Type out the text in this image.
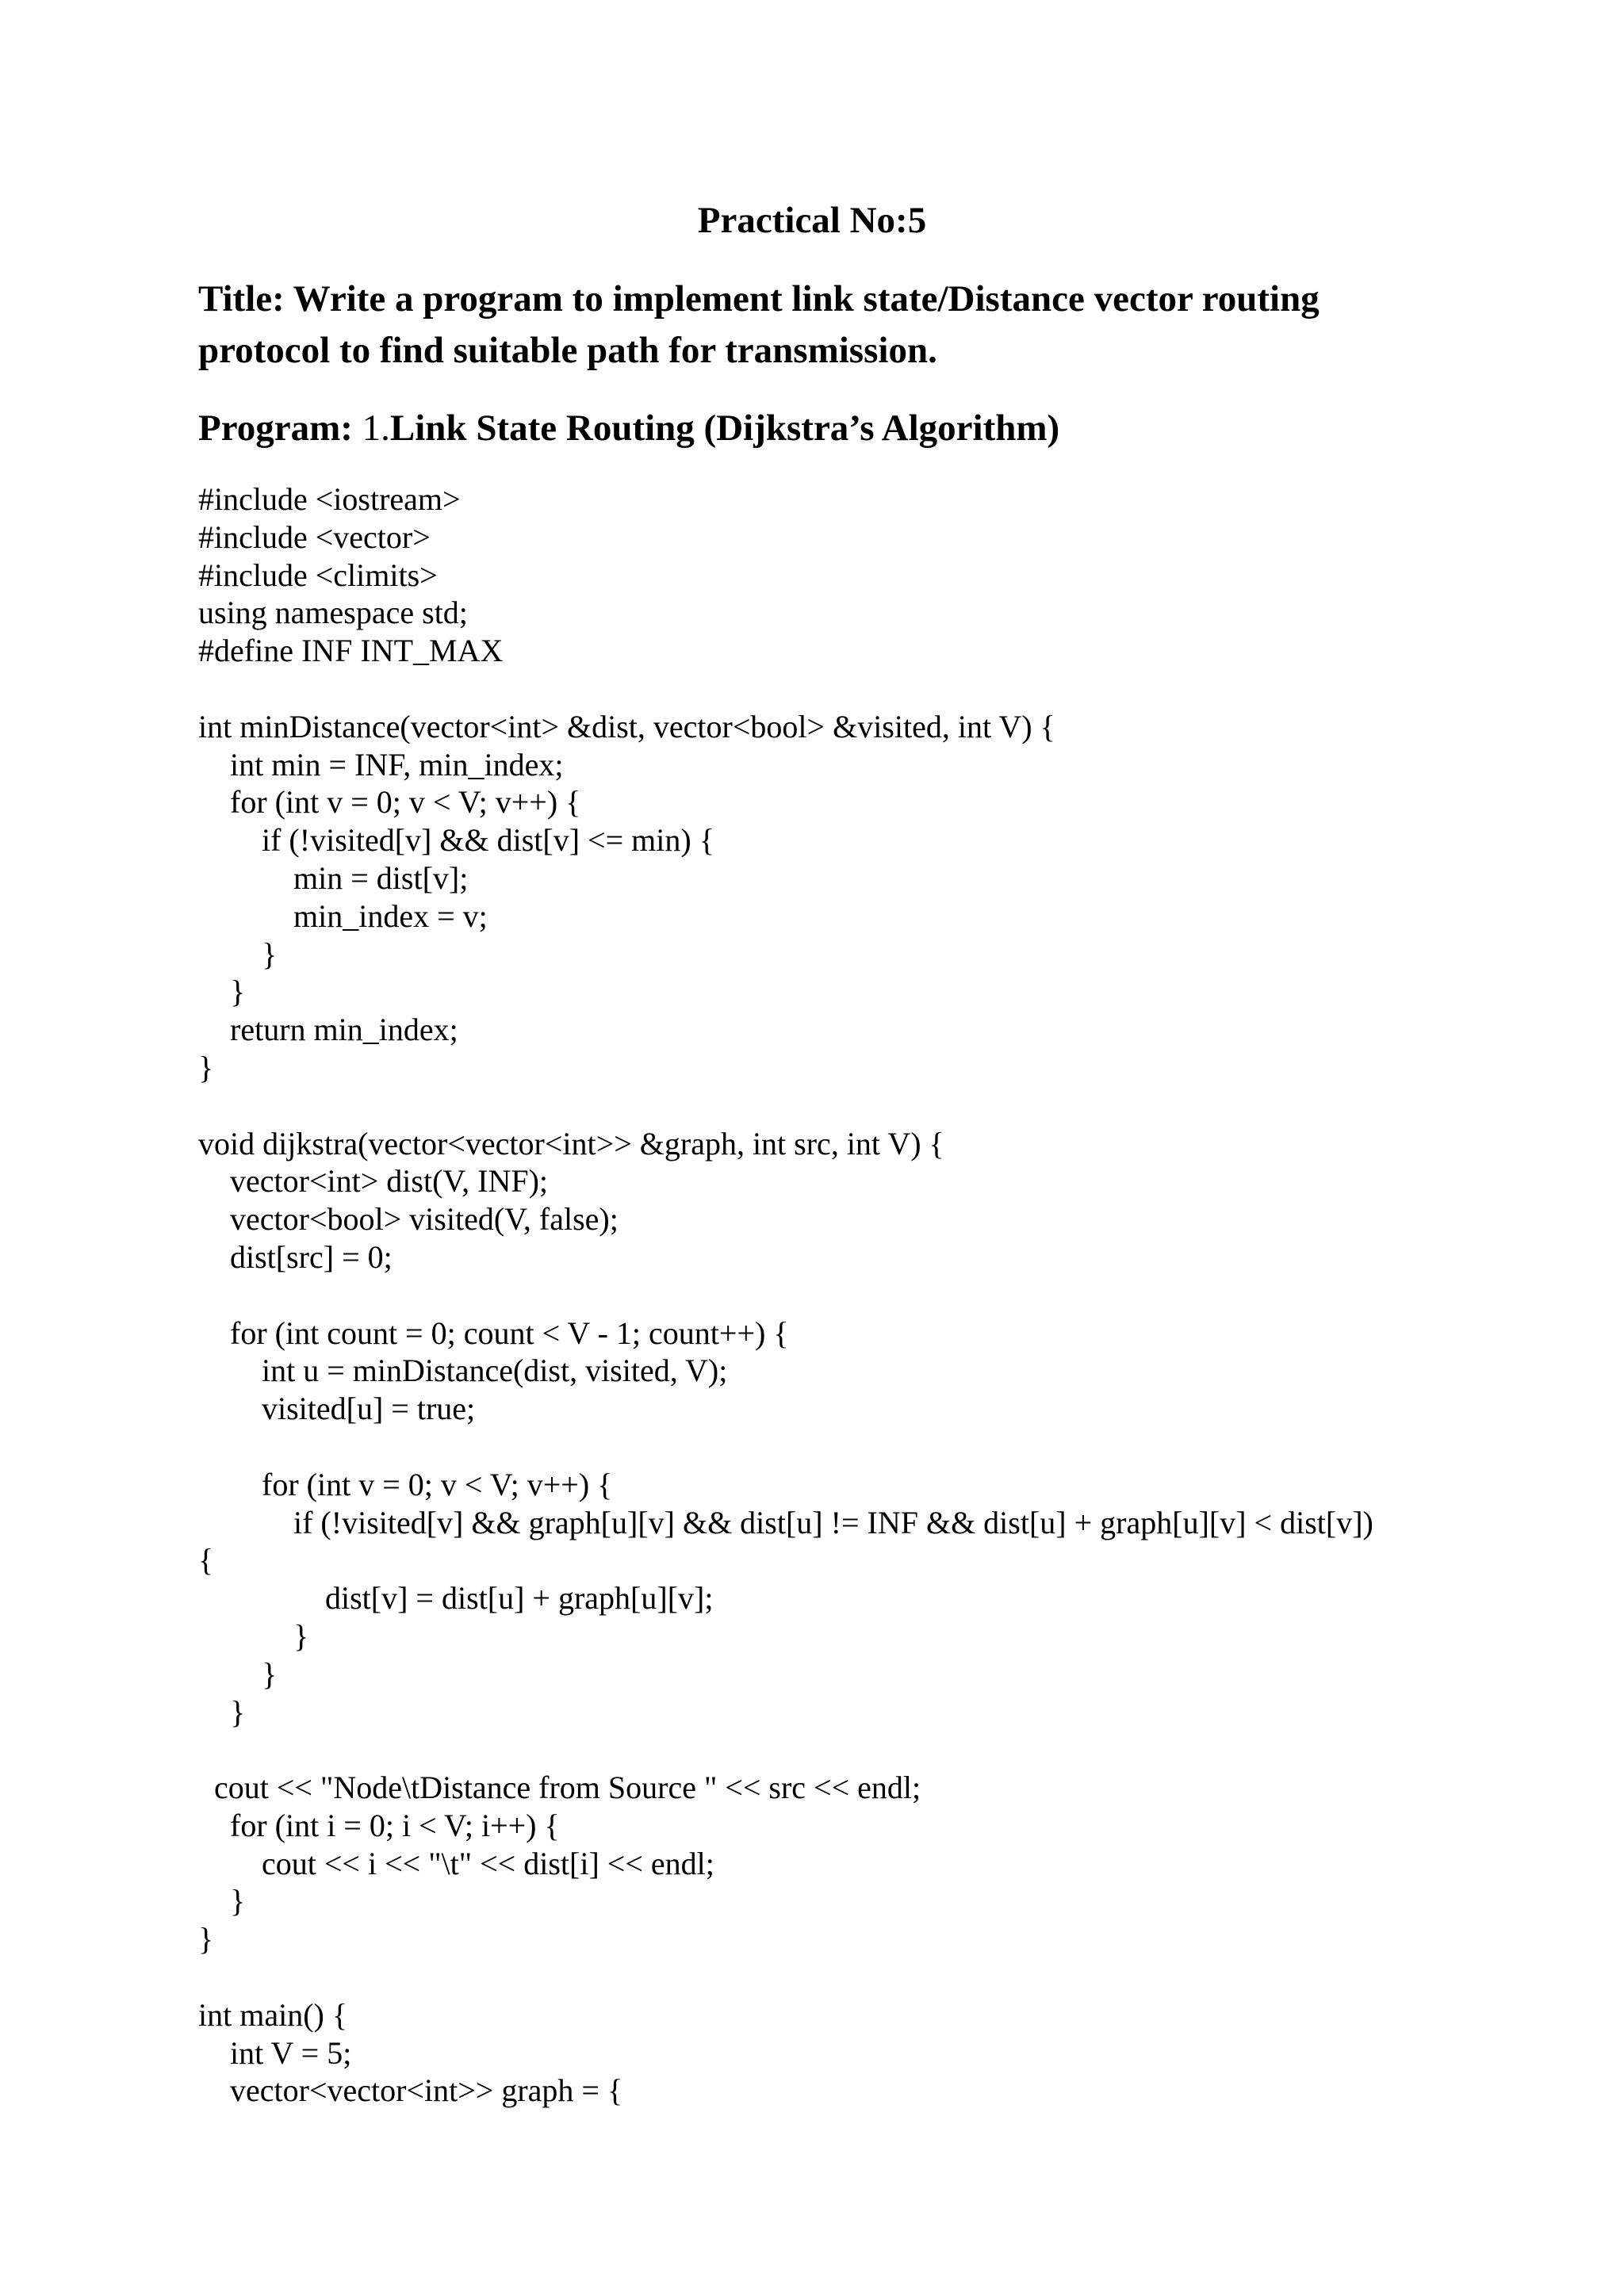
Practical No:5
Title: Write a program to implement link state/Distance vector routing protocol to find suitable path for transmission.
Program: 1.Link State Routing (Dijkstra’s Algorithm)
#include <iostream>
#include <vector>
#include <climits>
using namespace std;
#define INF INT_MAX
int minDistance(vector<int> &dist, vector<bool> &visited, int V) {
int min = INF, min_index;
for (int v = 0; v < V; v++) {
if (!visited[v] && dist[v] <= min) {
min = dist[v];
min_index = v;
}
}
return min_index;
}
void dijkstra(vector<vector<int>> &graph, int src, int V) {
vector<int> dist(V, INF);
vector<bool> visited(V, false);
dist[src] = 0;
for (int count = 0; count < V - 1; count++) {
int u = minDistance(dist, visited, V);
visited[u] = true;
for (int v = 0; v < V; v++) {
if (!visited[v] && graph[u][v] && dist[u] != INF && dist[u] + graph[u][v] < dist[v])
{
dist[v] = dist[u] + graph[u][v];
}
}
}
cout << "Node\tDistance from Source " << src << endl;
for (int i = 0; i < V; i++) {
cout << i << "\t" << dist[i] << endl;
}
}
int main() {
int V = 5;
vector<vector<int>> graph = {
